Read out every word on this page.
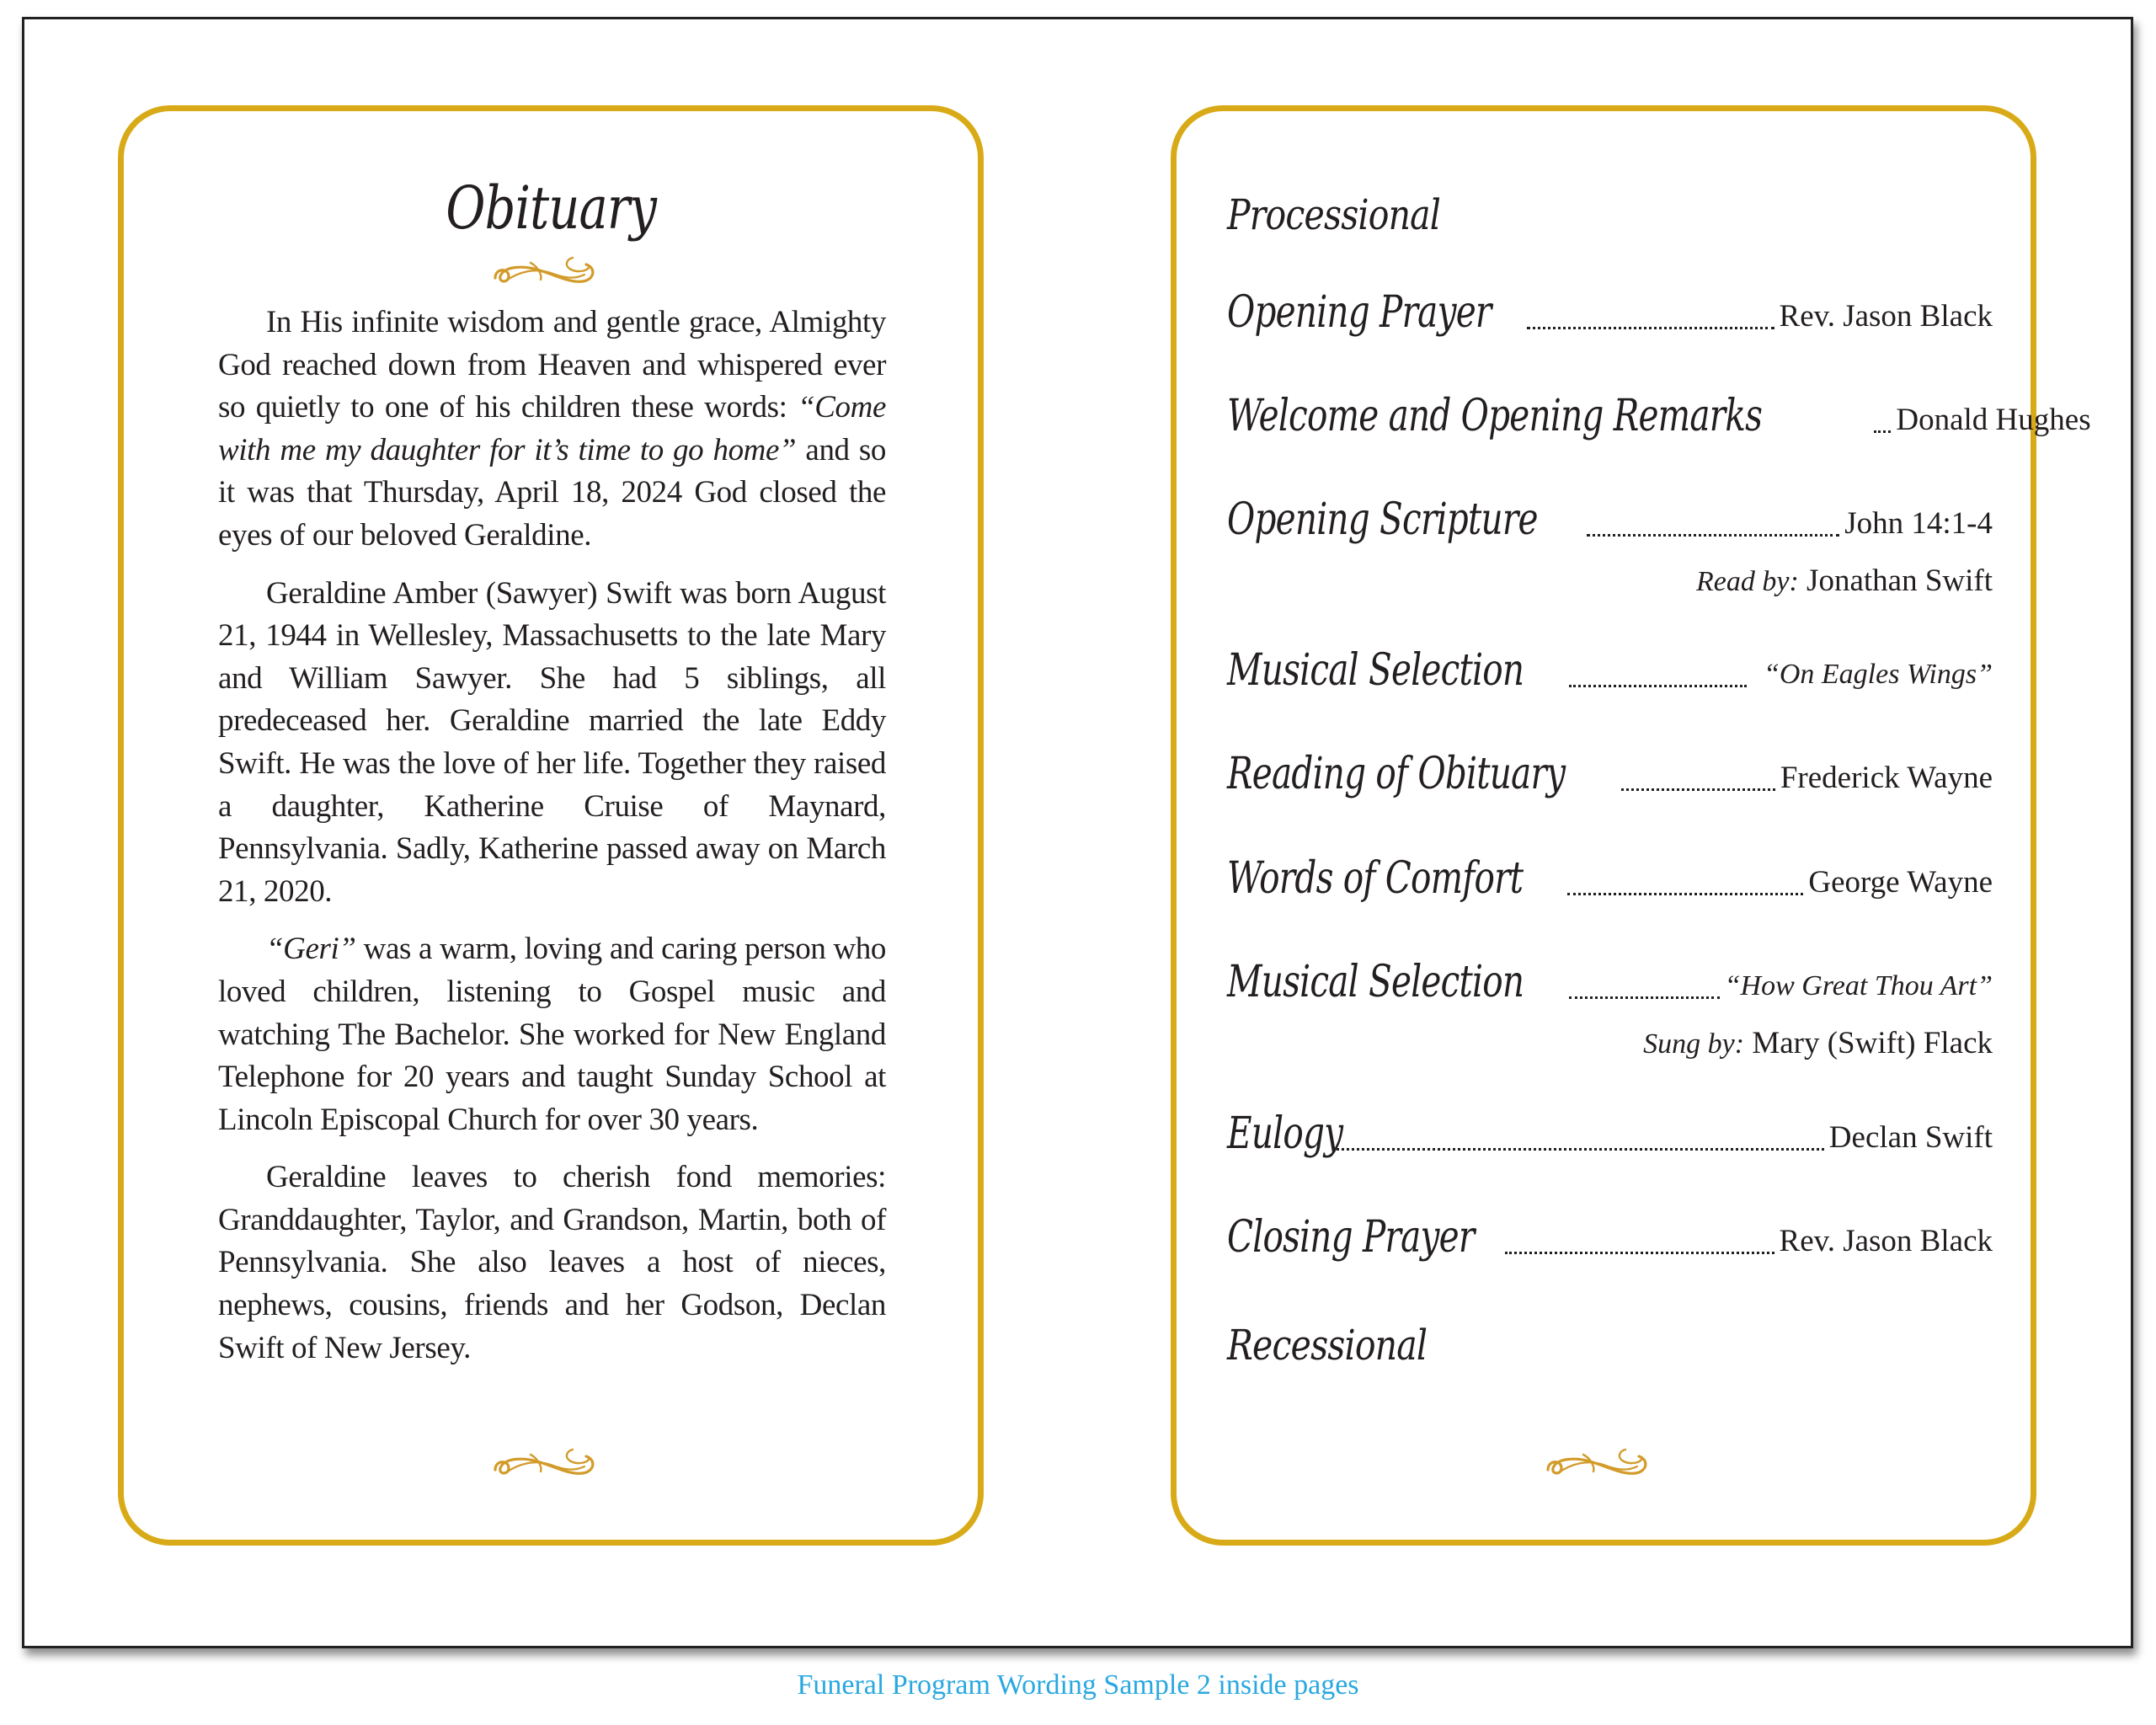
Obituary

In His infinite wisdom and gentle grace, Almighty God reached down from Heaven and whispered ever so quietly to one of his children these words: “Come with me my daughter for it’s time to go home” and so it was that Thursday, April 18, 2024 God closed the eyes of our beloved Geraldine.

Geraldine Amber (Sawyer) Swift was born August 21, 1944 in Wellesley, Massachusetts to the late Mary and William Sawyer. She had 5 siblings, all predeceased her. Geraldine married the late Eddy Swift. He was the love of her life. Together they raised a daughter, Katherine Cruise of Maynard, Pennsylvania. Sadly, Katherine passed away on March 21, 2020.

“Geri” was a warm, loving and caring person who loved children, listening to Gospel music and watching The Bachelor. She worked for New England Telephone for 20 years and taught Sunday School at Lincoln Episcopal Church for over 30 years.

Geraldine leaves to cherish fond memories: Granddaughter, Taylor, and Grandson, Martin, both of Pennsylvania. She also leaves a host of nieces, nephews, cousins, friends and her Godson, Declan Swift of New Jersey.

Processional
Opening Prayer	Rev. Jason Black
Welcome and Opening Remarks	Donald Hughes
Opening Scripture	John 14:1-4
Read by: Jonathan Swift
Musical Selection	“On Eagles Wings”
Reading of Obituary	Frederick Wayne
Words of Comfort	George Wayne
Musical Selection	“How Great Thou Art”
Sung by: Mary (Swift) Flack
Eulogy	Declan Swift
Closing Prayer	Rev. Jason Black
Recessional
Funeral Program Wording Sample 2 inside pages
